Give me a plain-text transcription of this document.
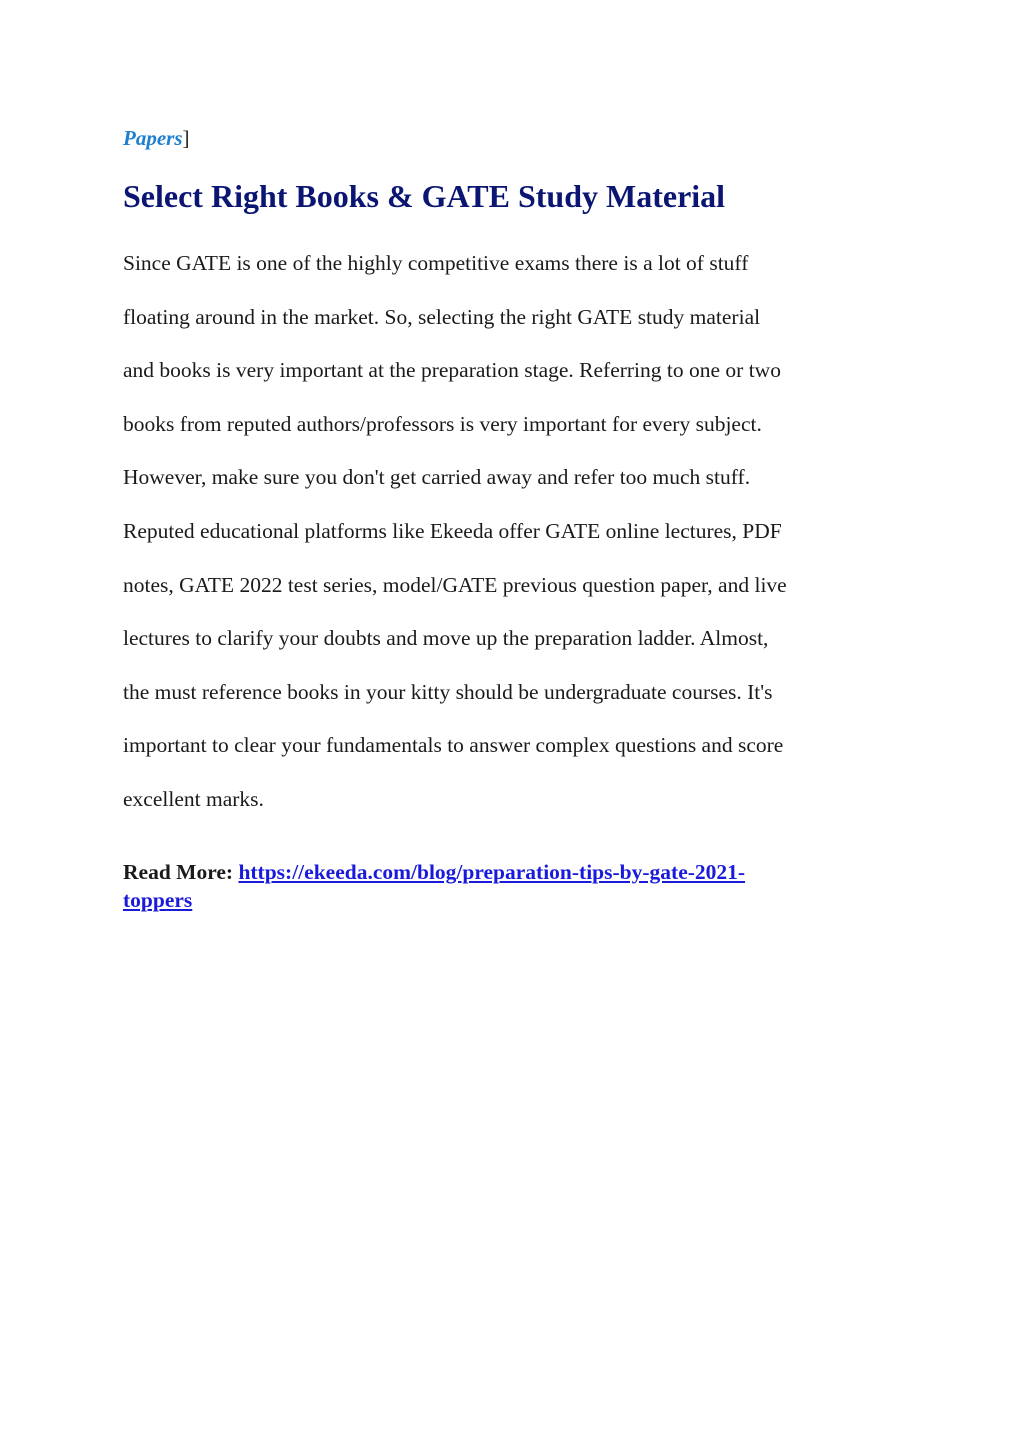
Papers]
Select Right Books & GATE Study Material
Since GATE is one of the highly competitive exams there is a lot of stuff
floating around in the market. So, selecting the right GATE study material
and books is very important at the preparation stage. Referring to one or two
books from reputed authors/professors is very important for every subject.
However, make sure you don't get carried away and refer too much stuff.
Reputed educational platforms like Ekeeda offer GATE online lectures, PDF
notes, GATE 2022 test series, model/GATE previous question paper, and live
lectures to clarify your doubts and move up the preparation ladder. Almost,
the must reference books in your kitty should be undergraduate courses. It's
important to clear your fundamentals to answer complex questions and score
excellent marks.
Read More: https://ekeeda.com/blog/preparation-tips-by-gate-2021-
toppers
